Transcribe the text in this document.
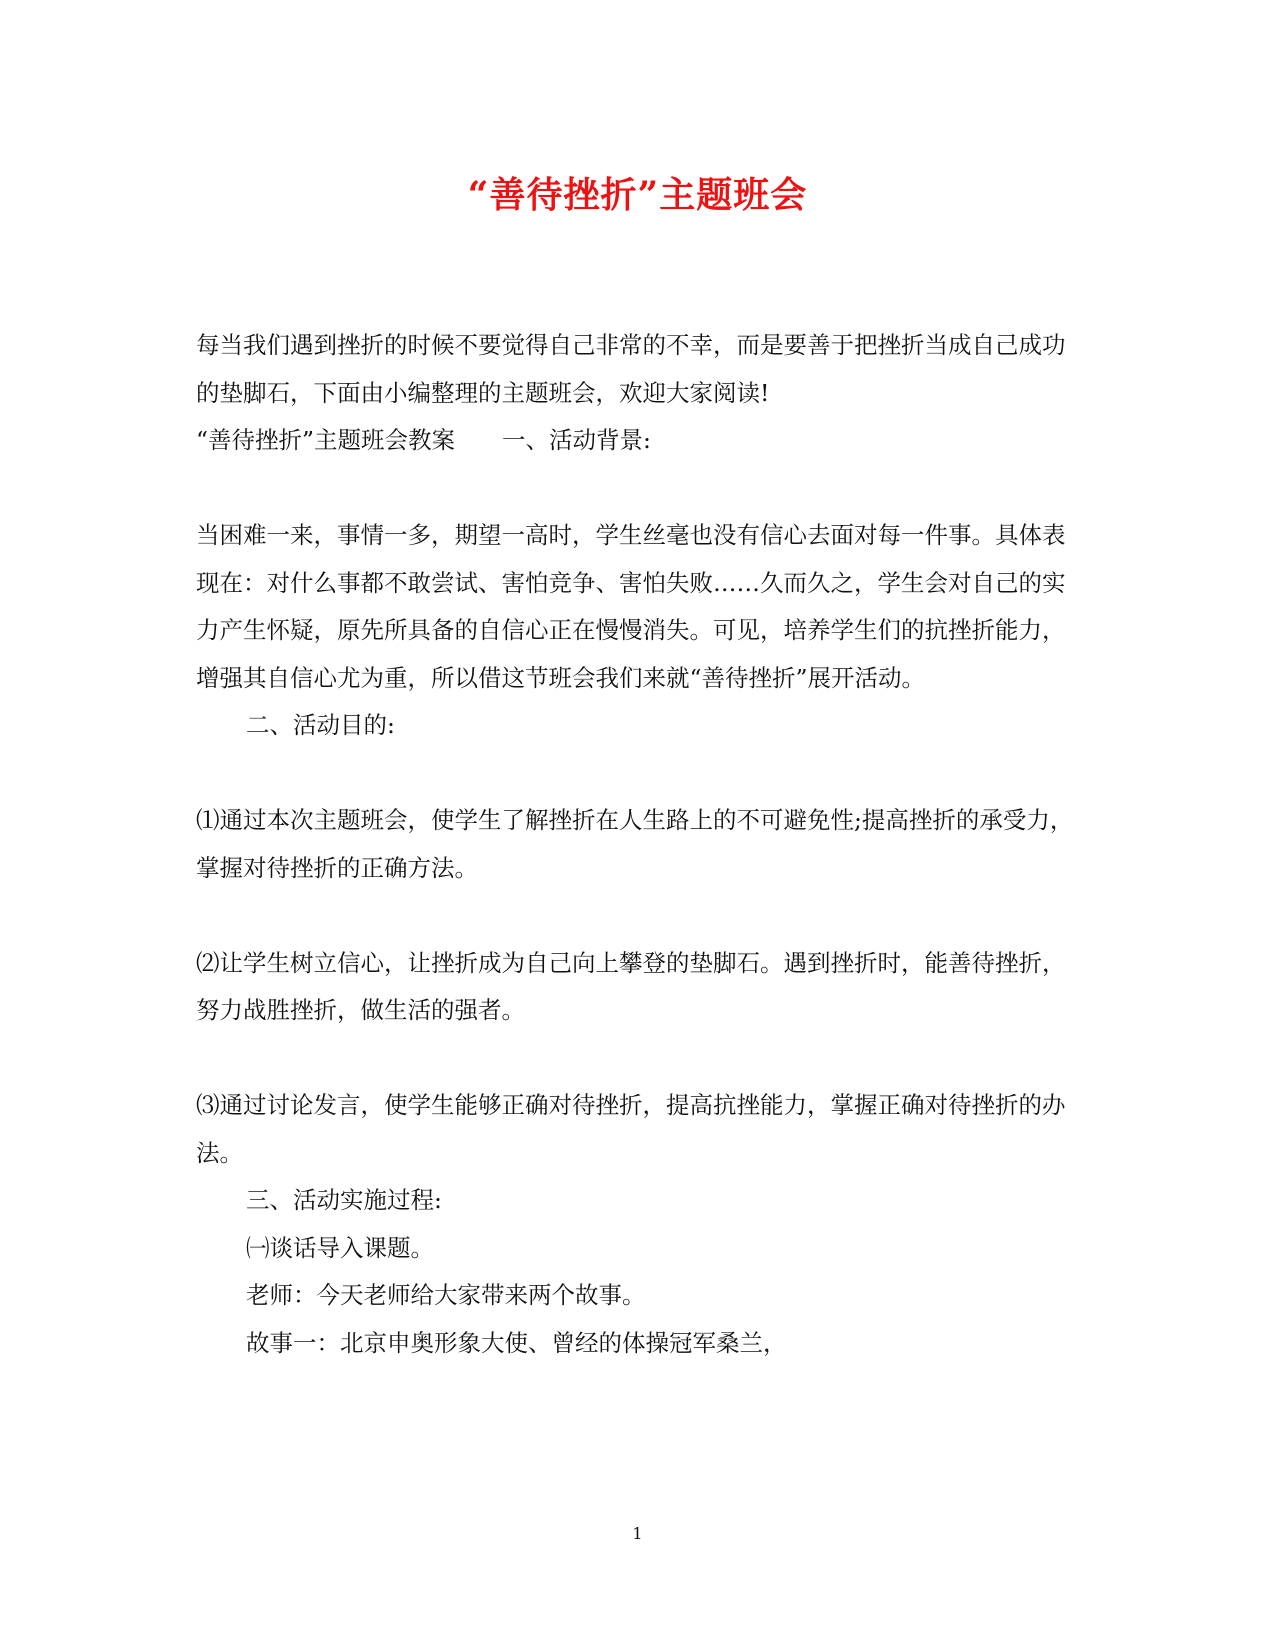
“善待挫折”主题班会

每当我们遇到挫折的时候不要觉得自己非常的不幸，而是要善于把挫折当成自己成功的垫脚石，下面由小编整理的主题班会，欢迎大家阅读!

“善待挫折”主题班会教案　　一、活动背景:

当困难一来，事情一多，期望一高时，学生丝毫也没有信心去面对每一件事。具体表现在：对什么事都不敢尝试、害怕竞争、害怕失败……久而久之，学生会对自己的实力产生怀疑，原先所具备的自信心正在慢慢消失。可见，培养学生们的抗挫折能力，增强其自信心尤为重，所以借这节班会我们来就“善待挫折”展开活动。

二、活动目的:

⑴通过本次主题班会，使学生了解挫折在人生路上的不可避免性;提高挫折的承受力，掌握对待挫折的正确方法。

⑵让学生树立信心，让挫折成为自己向上攀登的垫脚石。遇到挫折时，能善待挫折，努力战胜挫折，做生活的强者。

⑶通过讨论发言，使学生能够正确对待挫折，提高抗挫能力，掌握正确对待挫折的办法。

三、活动实施过程:

㈠谈话导入课题。

老师：今天老师给大家带来两个故事。

故事一：北京申奥形象大使、曾经的体操冠军桑兰，

1
